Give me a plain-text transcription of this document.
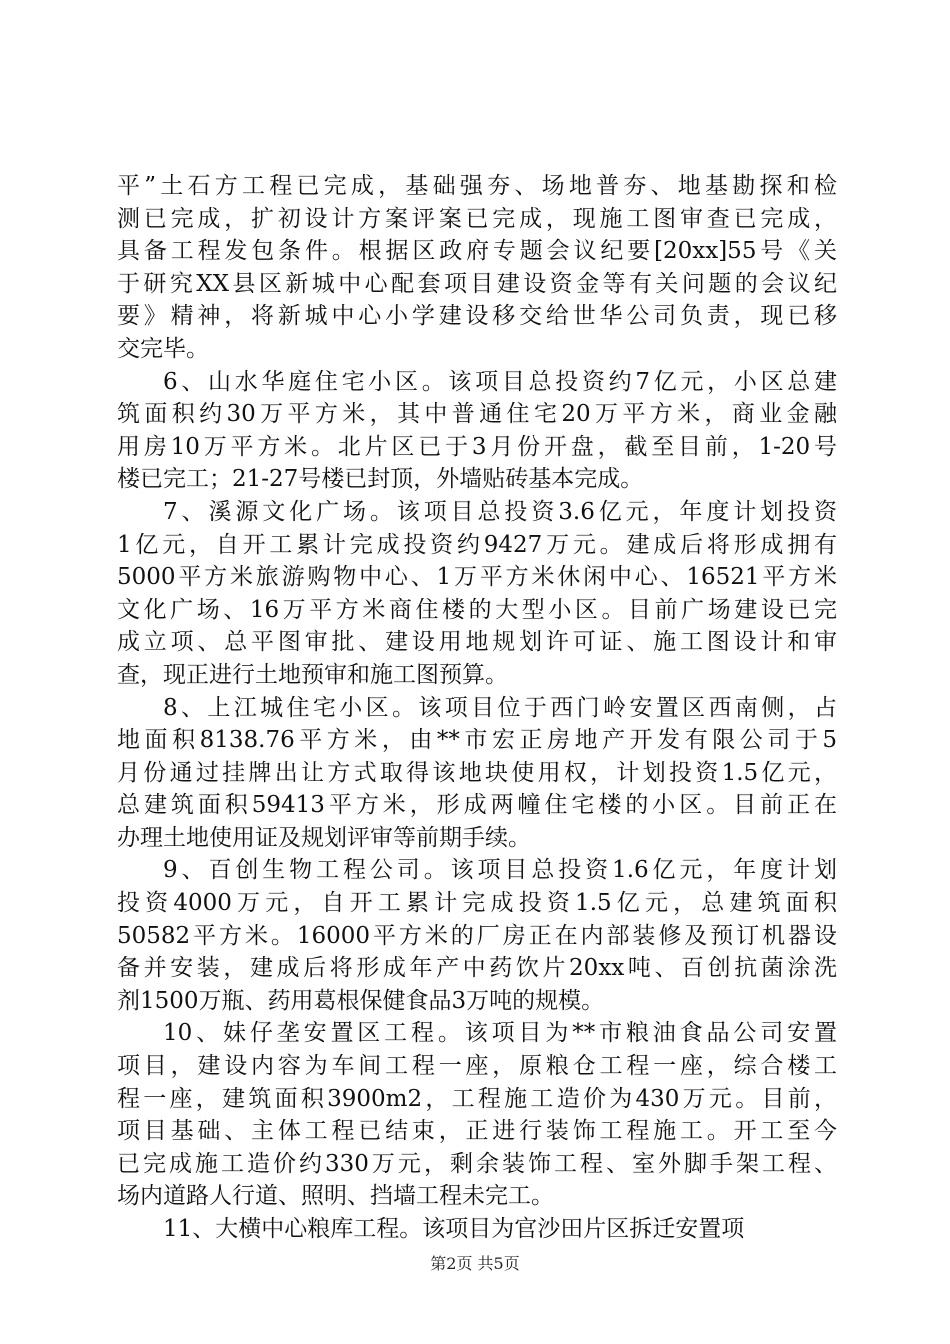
平”土石方工程已完成，基础强夯、场地普夯、地基勘探和检
测已完成，扩初设计方案评案已完成，现施工图审查已完成，
具备工程发包条件。根据区政府专题会议纪要[20xx]55号《关
于研究XX县区新城中心配套项目建设资金等有关问题的会议纪
要》精神，将新城中心小学建设移交给世华公司负责，现已移
交完毕。
6、山水华庭住宅小区。该项目总投资约7亿元，小区总建
筑面积约30万平方米，其中普通住宅20万平方米，商业金融
用房10万平方米。北片区已于3月份开盘，截至目前，1-20号
楼已完工；21-27号楼已封顶，外墙贴砖基本完成。
7、溪源文化广场。该项目总投资3.6亿元，年度计划投资
1亿元，自开工累计完成投资约9427万元。建成后将形成拥有
5000平方米旅游购物中心、1万平方米休闲中心、16521平方米
文化广场、16万平方米商住楼的大型小区。目前广场建设已完
成立项、总平图审批、建设用地规划许可证、施工图设计和审
查，现正进行土地预审和施工图预算。
8、上江城住宅小区。该项目位于西门岭安置区西南侧，占
地面积8138.76平方米，由**市宏正房地产开发有限公司于5
月份通过挂牌出让方式取得该地块使用权，计划投资1.5亿元，
总建筑面积59413平方米，形成两幢住宅楼的小区。目前正在
办理土地使用证及规划评审等前期手续。
9、百创生物工程公司。该项目总投资1.6亿元，年度计划
投资4000万元，自开工累计完成投资1.5亿元，总建筑面积
50582平方米。16000平方米的厂房正在内部装修及预订机器设
备并安装，建成后将形成年产中药饮片20xx吨、百创抗菌涂洗
剂1500万瓶、药用葛根保健食品3万吨的规模。
10、妹仔垄安置区工程。该项目为**市粮油食品公司安置
项目，建设内容为车间工程一座，原粮仓工程一座，综合楼工
程一座，建筑面积3900m2，工程施工造价为430万元。目前，
项目基础、主体工程已结束，正进行装饰工程施工。开工至今
已完成施工造价约330万元，剩余装饰工程、室外脚手架工程、
场内道路人行道、照明、挡墙工程未完工。
11、大横中心粮库工程。该项目为官沙田片区拆迁安置项
第2页 共5页
